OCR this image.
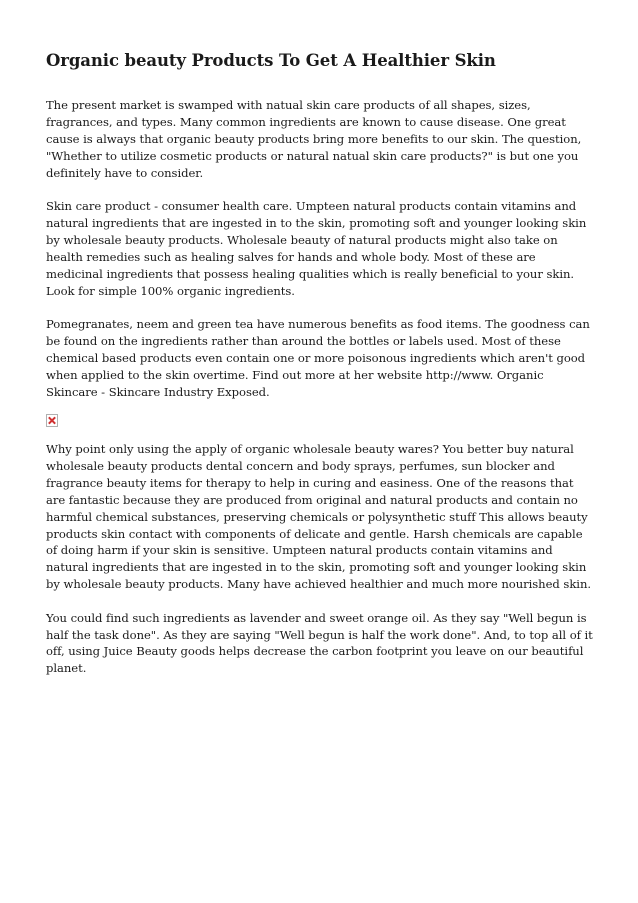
Organic beauty Products To Get A Healthier Skin

The present market is swamped with natual skin care products of all shapes, sizes, fragrances, and types. Many common ingredients are known to cause disease. One great cause is always that organic beauty products bring more benefits to our skin. The question, "Whether to utilize cosmetic products or natural natual skin care products?" is but one you definitely have to consider.

Skin care product - consumer health care. Umpteen natural products contain vitamins and natural ingredients that are ingested in to the skin, promoting soft and younger looking skin by wholesale beauty products. Wholesale beauty of natural products might also take on health remedies such as healing salves for hands and whole body. Most of these are medicinal ingredients that possess healing qualities which is really beneficial to your skin. Look for simple 100% organic ingredients.

Pomegranates, neem and green tea have numerous benefits as food items. The goodness can be found on the ingredients rather than around the bottles or labels used. Most of these chemical based products even contain one or more poisonous ingredients which aren't good when applied to the skin overtime. Find out more at her website http://www. Organic Skincare - Skincare Industry Exposed.

Why point only using the apply of organic wholesale beauty wares? You better buy natural wholesale beauty products dental concern and body sprays, perfumes, sun blocker and fragrance beauty items for therapy to help in curing and easiness. One of the reasons that are fantastic because they are produced from original and natural products and contain no harmful chemical substances, preserving chemicals or polysynthetic stuff This allows beauty products skin contact with components of delicate and gentle. Harsh chemicals are capable of doing harm if your skin is sensitive. Umpteen natural products contain vitamins and natural ingredients that are ingested in to the skin, promoting soft and younger looking skin by wholesale beauty products. Many have achieved healthier and much more nourished skin.

You could find such ingredients as lavender and sweet orange oil. As they say "Well begun is half the task done". As they are saying "Well begun is half the work done". And, to top all of it off, using Juice Beauty goods helps decrease the carbon footprint you leave on our beautiful planet.
